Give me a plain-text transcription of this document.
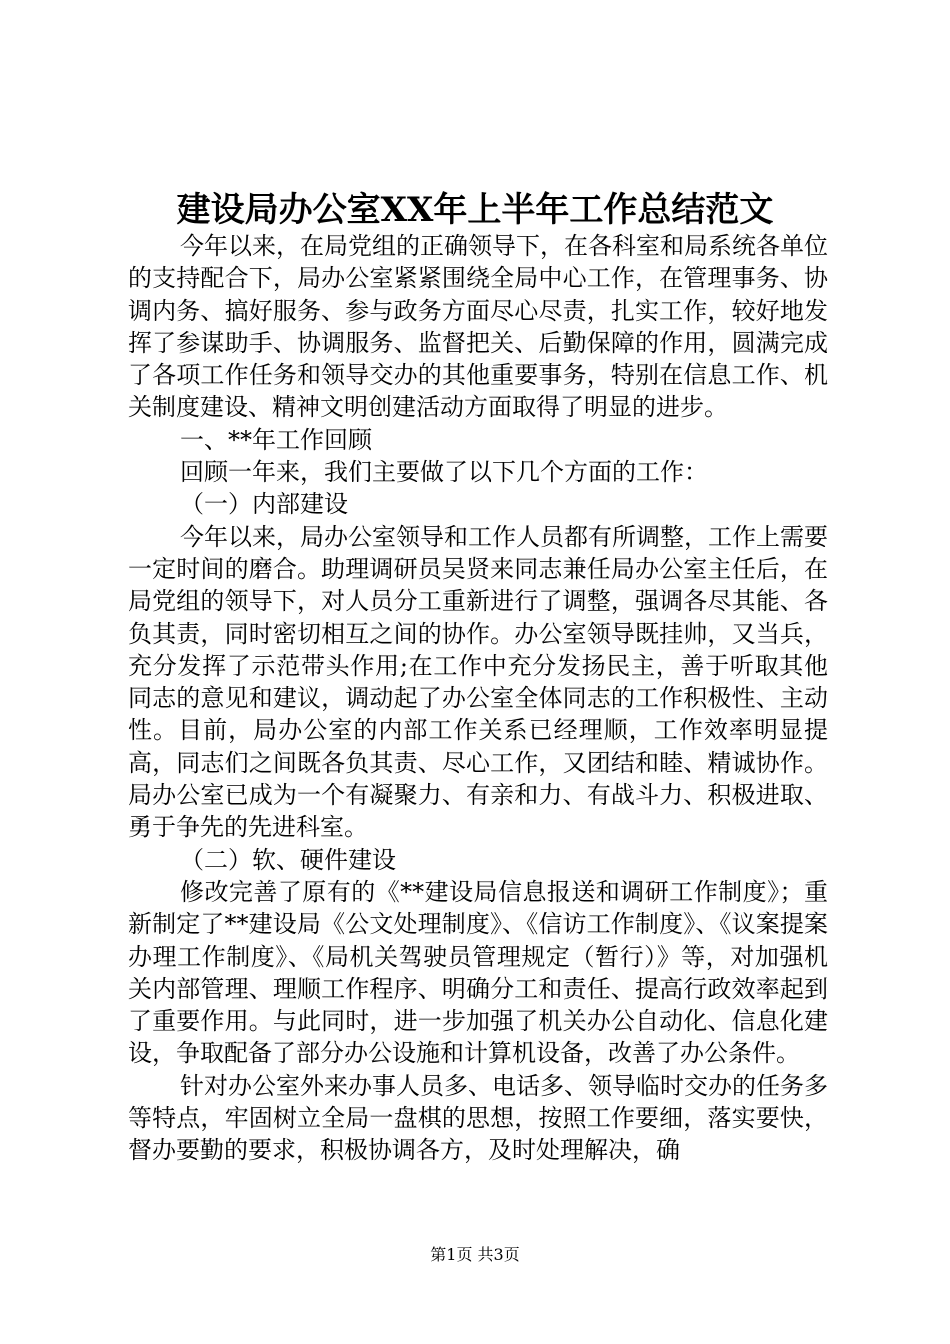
建设局办公室XX年上半年工作总结范文

今年以来，在局党组的正确领导下，在各科室和局系统各单位的支持配合下，局办公室紧紧围绕全局中心工作，在管理事务、协调内务、搞好服务、参与政务方面尽心尽责，扎实工作，较好地发挥了参谋助手、协调服务、监督把关、后勤保障的作用，圆满完成了各项工作任务和领导交办的其他重要事务，特别在信息工作、机关制度建设、精神文明创建活动方面取得了明显的进步。

一、**年工作回顾

回顾一年来，我们主要做了以下几个方面的工作：

（一）内部建设

今年以来，局办公室领导和工作人员都有所调整，工作上需要一定时间的磨合。助理调研员吴贤来同志兼任局办公室主任后，在局党组的领导下，对人员分工重新进行了调整，强调各尽其能、各负其责，同时密切相互之间的协作。办公室领导既挂帅，又当兵，充分发挥了示范带头作用;在工作中充分发扬民主，善于听取其他同志的意见和建议，调动起了办公室全体同志的工作积极性、主动性。目前，局办公室的内部工作关系已经理顺，工作效率明显提高，同志们之间既各负其责、尽心工作，又团结和睦、精诚协作。局办公室已成为一个有凝聚力、有亲和力、有战斗力、积极进取、勇于争先的先进科室。

（二）软、硬件建设

修改完善了原有的《**建设局信息报送和调研工作制度》；重新制定了**建设局《公文处理制度》、《信访工作制度》、《议案提案办理工作制度》、《局机关驾驶员管理规定（暂行）》等，对加强机关内部管理、理顺工作程序、明确分工和责任、提高行政效率起到了重要作用。与此同时，进一步加强了机关办公自动化、信息化建设，争取配备了部分办公设施和计算机设备，改善了办公条件。

针对办公室外来办事人员多、电话多、领导临时交办的任务多等特点，牢固树立全局一盘棋的思想，按照工作要细，落实要快，督办要勤的要求，积极协调各方，及时处理解决，确

第1页 共3页
